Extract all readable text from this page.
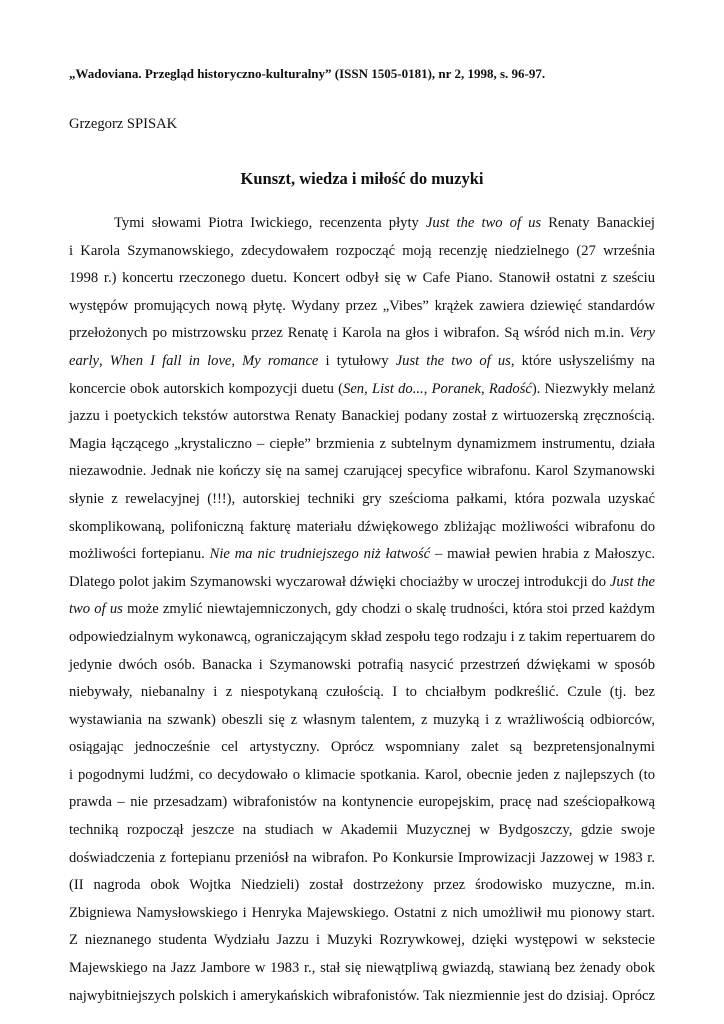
„Wadoviana. Przegląd historyczno-kulturalny” (ISSN 1505-0181), nr 2, 1998, s. 96-97.
Grzegorz SPISAK
Kunszt, wiedza i miłość do muzyki
Tymi słowami Piotra Iwickiego, recenzenta płyty Just the two of us Renaty Banackiej
i Karola Szymanowskiego, zdecydowałem rozpocząć moją recenzję niedzielnego (27 września
1998 r.) koncertu rzeczonego duetu. Koncert odbył się w Cafe Piano. Stanowił ostatni z sześciu
występów promujących nową płytę. Wydany przez „Vibes” krążek zawiera dziewięć standardów
przełożonych po mistrzowsku przez Renatę i Karola na głos i wibrafon. Są wśród nich m.in. Very
early, When I fall in love, My romance i tytułowy Just the two of us, które usłyszeliśmy na
koncercie obok autorskich kompozycji duetu (Sen, List do..., Poranek, Radość). Niezwykły melanż
jazzu i poetyckich tekstów autorstwa Renaty Banackiej podany został z wirtuozerską zręcznością.
Magia łączącego „krystaliczno – ciepłe” brzmienia z subtelnym dynamizmem instrumentu, działa
niezawodnie. Jednak nie kończy się na samej czarującej specyfice wibrafonu. Karol Szymanowski
słynie z rewelacyjnej (!!!), autorskiej techniki gry sześcioma pałkami, która pozwala uzyskać
skomplikowaną, polifoniczną fakturę materiału dźwiękowego zbliżając możliwości wibrafonu do
możliwości fortepianu. Nie ma nic trudniejszego niż łatwość – mawiał pewien hrabia z Małoszyc.
Dlatego polot jakim Szymanowski wyczarował dźwięki chociażby w uroczej introdukcji do Just the
two of us może zmylić niewtajemniczonych, gdy chodzi o skalę trudności, która stoi przed każdym
odpowiedzialnym wykonawcą, ograniczającym skład zespołu tego rodzaju i z takim repertuarem do
jedynie dwóch osób. Banacka i Szymanowski potrafią nasycić przestrzeń dźwiękami w sposób
niebywały, niebanalny i z niespotykaną czułością. I to chciałbym podkreślić. Czule (tj. bez
wystawiania na szwank) obeszli się z własnym talentem, z muzyką i z wrażliwością odbiorców,
osiągając jednocześnie cel artystyczny. Oprócz wspomniany zalet są bezpretensjonalnymi
i pogodnymi ludźmi, co decydowało o klimacie spotkania. Karol, obecnie jeden z najlepszych (to
prawda – nie przesadzam) wibrafonistów na kontynencie europejskim, pracę nad sześciopałkową
techniką rozpoczął jeszcze na studiach w Akademii Muzycznej w Bydgoszczy, gdzie swoje
doświadczenia z fortepianu przeniósł na wibrafon. Po Konkursie Improwizacji Jazzowej w 1983 r.
(II nagroda obok Wojtka Niedzieli) został dostrzeżony przez środowisko muzyczne, m.in.
Zbigniewa Namysłowskiego i Henryka Majewskiego. Ostatni z nich umożliwił mu pionowy start.
Z nieznanego studenta Wydziału Jazzu i Muzyki Rozrywkowej, dzięki występowi w sekstecie
Majewskiego na Jazz Jambore w 1983 r., stał się niewątpliwą gwiazdą, stawianą bez żenady obok
najwybitniejszych polskich i amerykańskich wibrafonistów. Tak niezmiennie jest do dzisiaj. Oprócz
